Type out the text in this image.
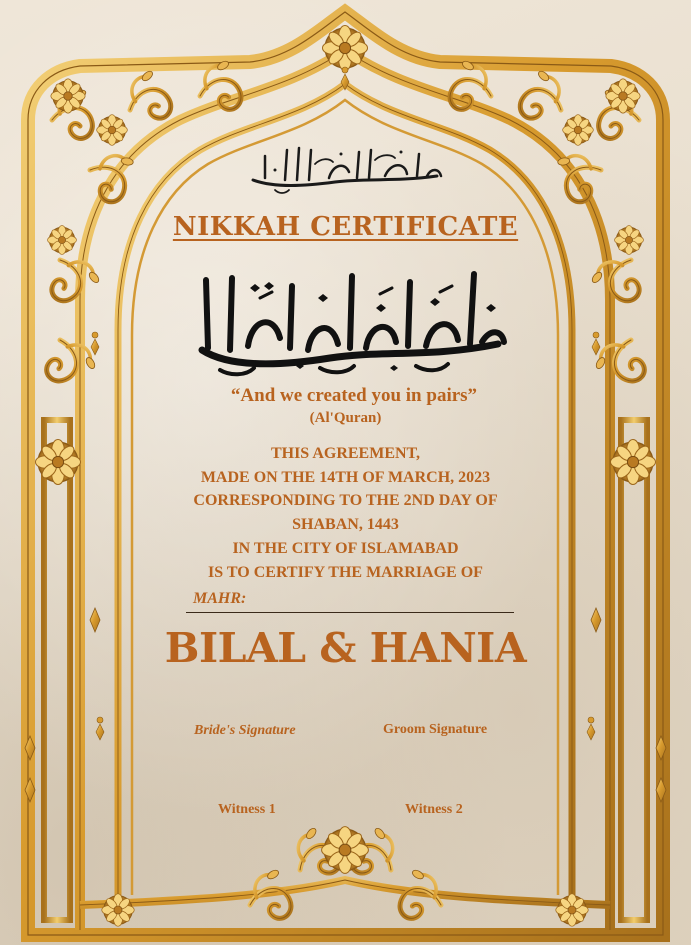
NIKKAH CERTIFICATE
“And we created you in pairs”
(Al'Quran)
THIS AGREEMENT,
MADE ON THE 14TH OF MARCH, 2023
CORRESPONDING TO THE 2ND DAY OF
SHABAN, 1443
IN THE CITY OF ISLAMABAD
IS TO CERTIFY THE MARRIAGE OF
MAHR:
BILAL & HANIA
Bride's Signature	Groom Signature
Witness 1	Witness 2
